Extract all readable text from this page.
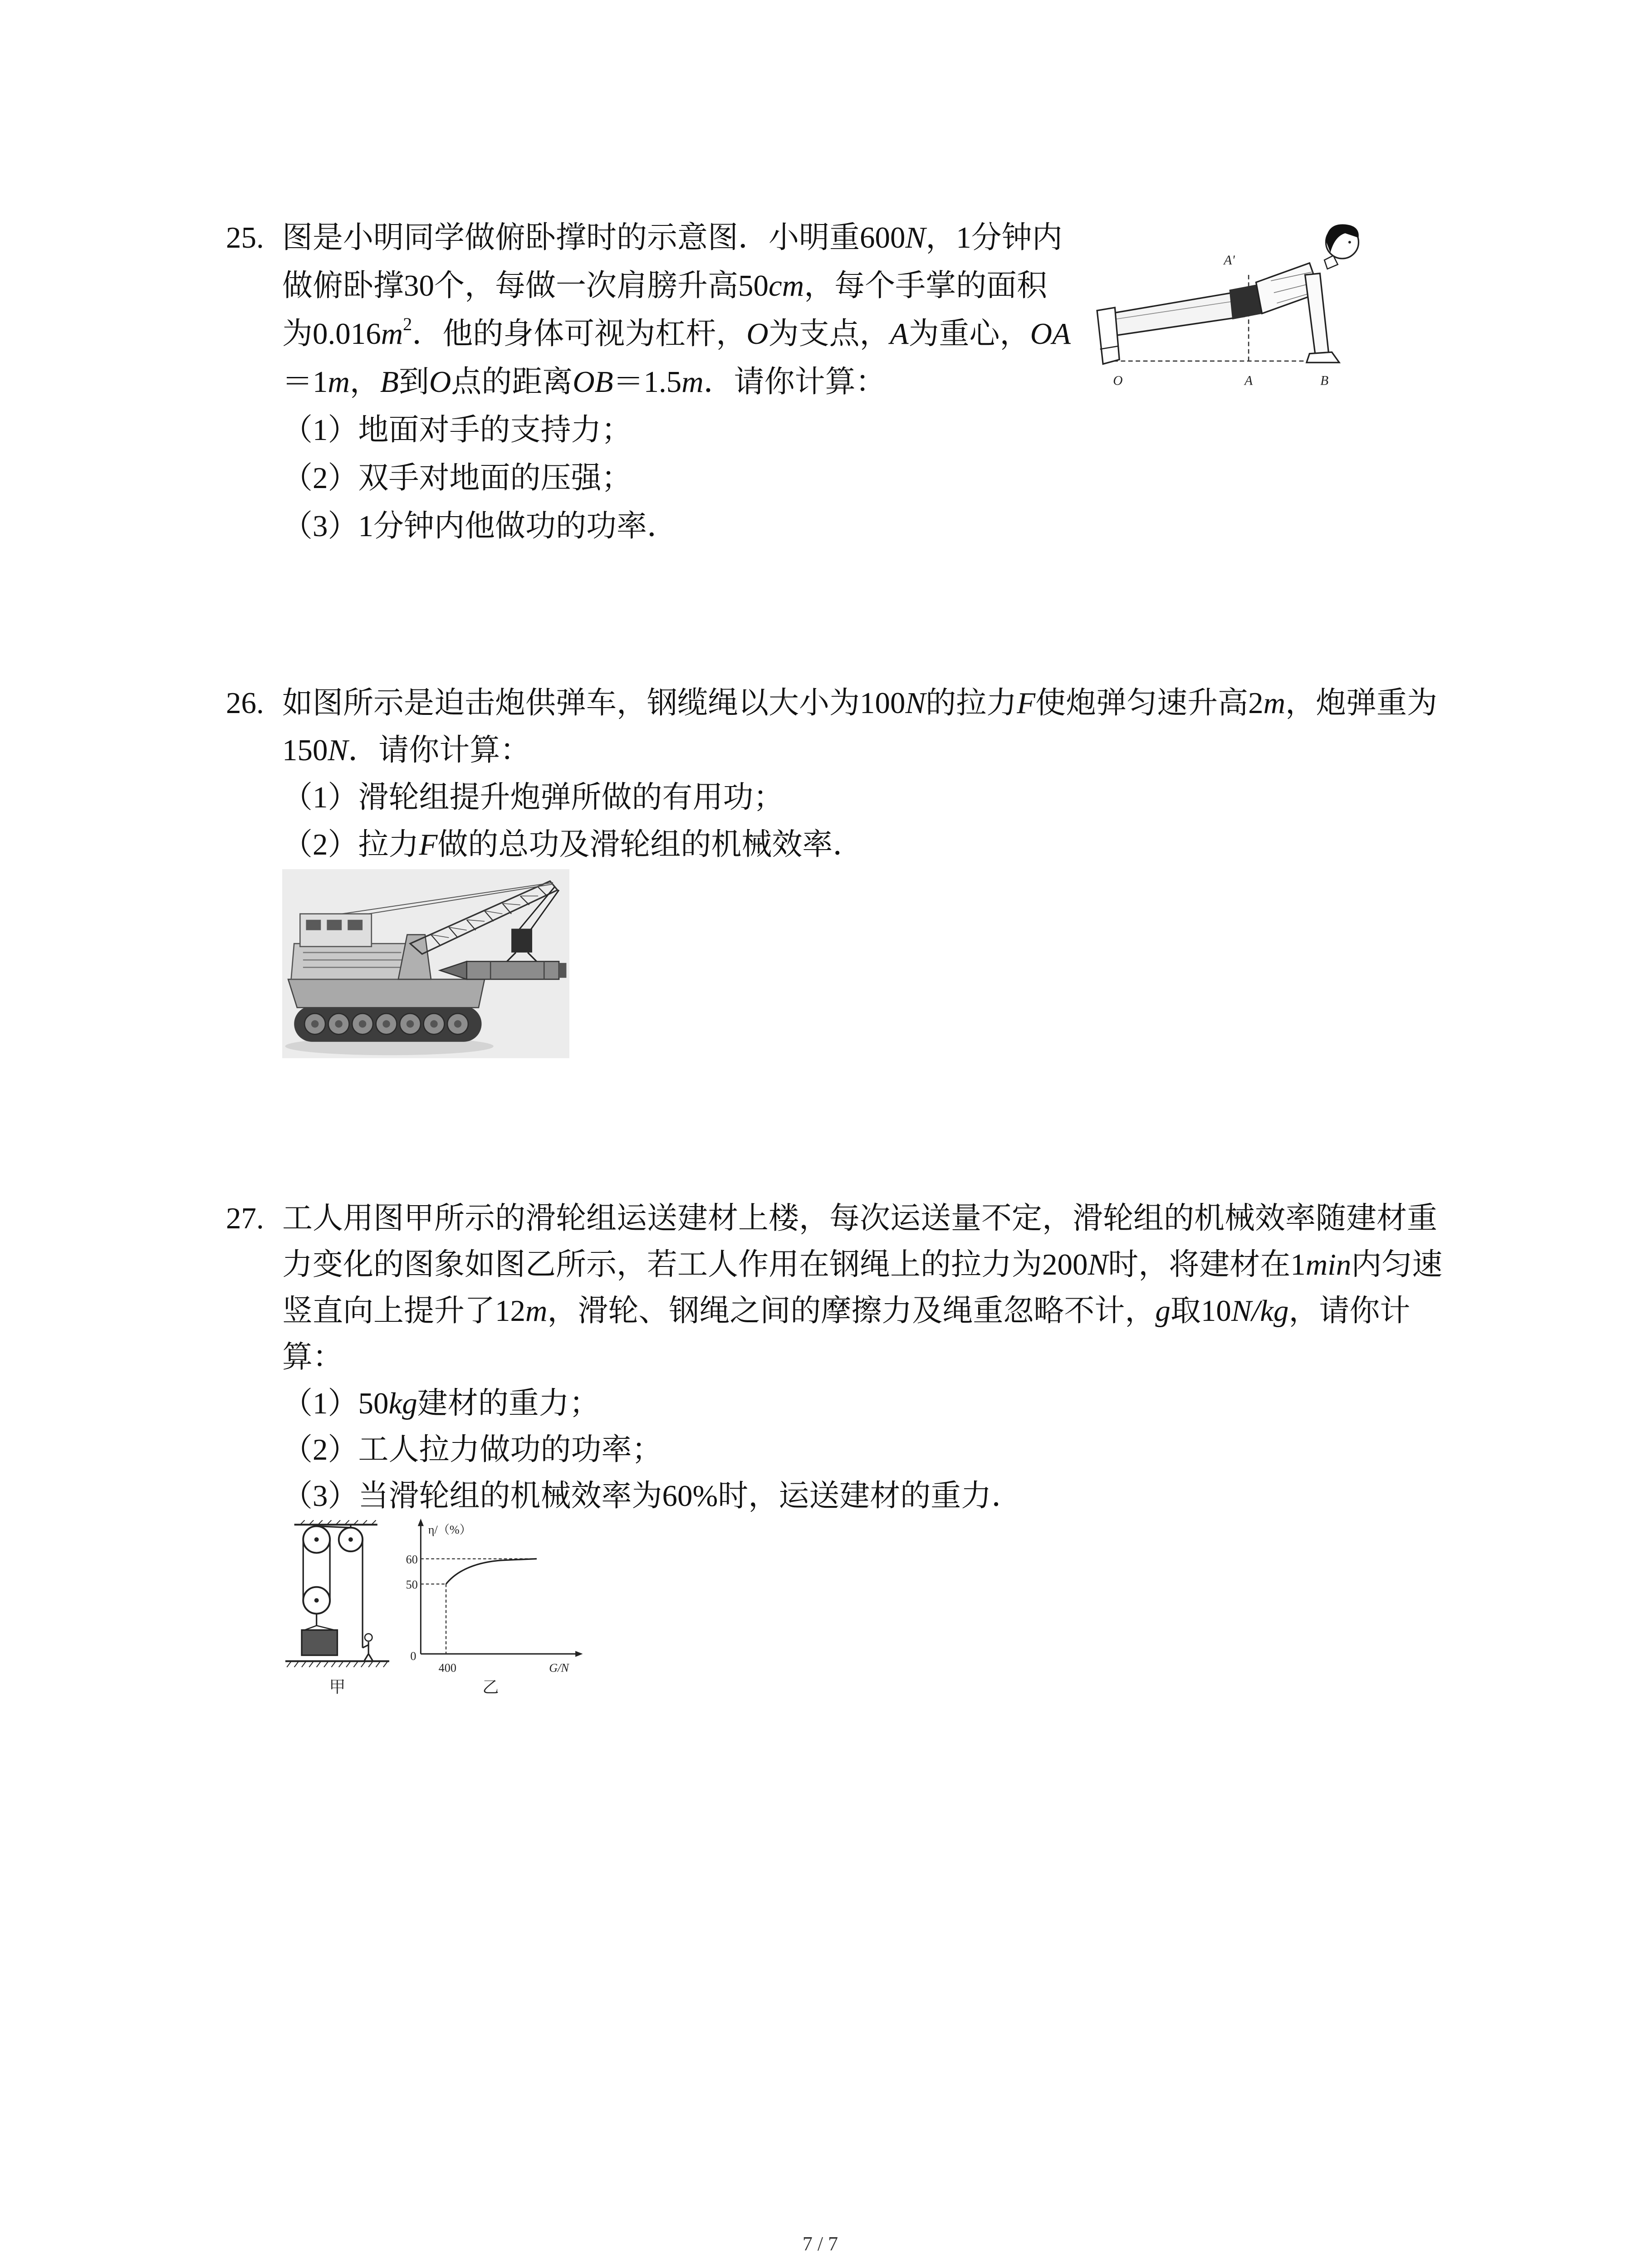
25. 图是小明同学做俯卧撑时的示意图．小明重600N，1分钟内
做俯卧撑30个，每做一次肩膀升高50cm，每个手掌的面积
为$0.016m^2$．他的身体可视为杠杆，O为支点，A为重心，OA
＝1m，B到O点的距离OB＝1.5m．请你计算：
（1）地面对手的支持力；
（2）双手对地面的压强；
（3）1分钟内他做功的功率．
A'
O	A	B
26. 如图所示是迫击炮供弹车，钢缆绳以大小为100N的拉力F使炮弹匀速升高2m，炮弹重为
150N．请你计算：
（1）滑轮组提升炮弹所做的有用功；
（2）拉力F做的总功及滑轮组的机械效率．
27. 工人用图甲所示的滑轮组运送建材上楼，每次运送量不定，滑轮组的机械效率随建材重
力变化的图象如图乙所示，若工人作用在钢绳上的拉力为200N时，将建材在1min内匀速
竖直向上提升了12m，滑轮、钢绳之间的摩擦力及绳重忽略不计，g取10N/kg，请你计
算：
（1）50kg建材的重力；
（2）工人拉力做功的功率；
（3）当滑轮组的机械效率为60%时，运送建材的重力．
甲
η/（%）
60
50
0
400	G/N
乙
7 / 7
